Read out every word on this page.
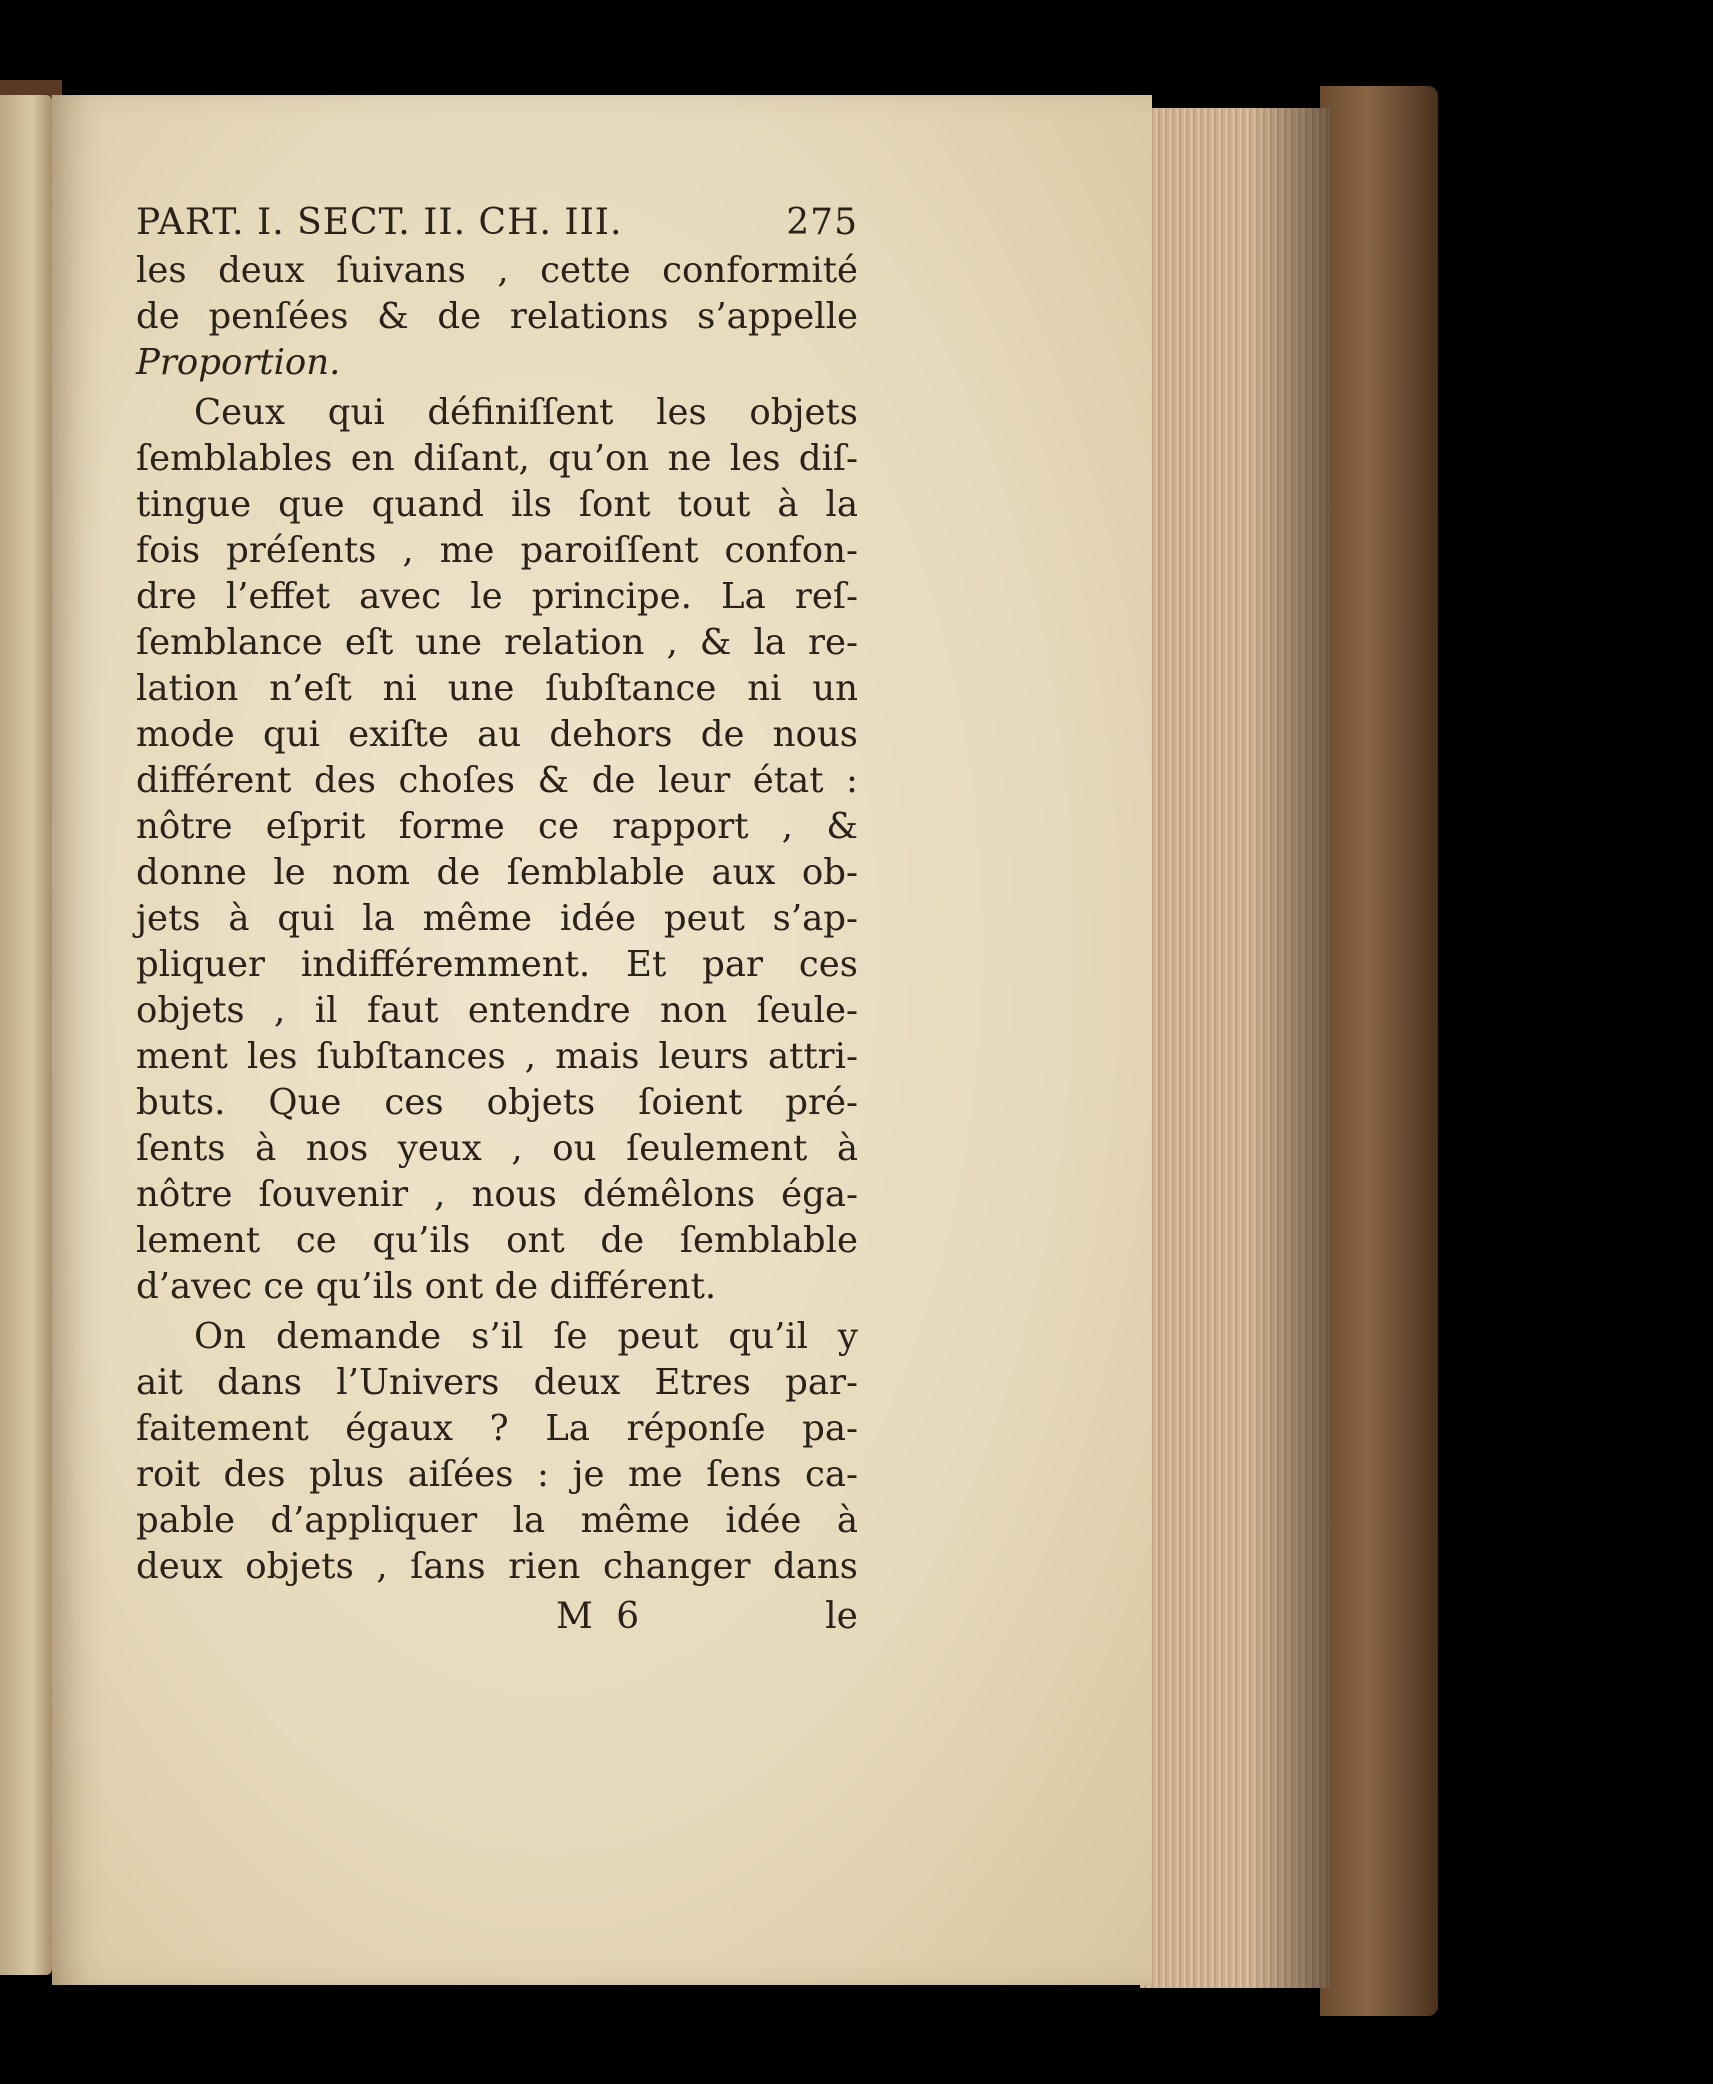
PART. I. SECT. II. CH. III.	275
les deux ſuivans , cette conformité
de penſées & de relations s’appelle
Proportion.
Ceux qui définiſſent les objets
ſemblables en diſant, qu’on ne les diſ-
tingue que quand ils ſont tout à la
fois préſents , me paroiſſent confon-
dre l’effet avec le principe. La reſ-
ſemblance eſt une relation , & la re-
lation n’eſt ni une ſubſtance ni un
mode qui exiſte au dehors de nous
différent des choſes & de leur état :
nôtre eſprit forme ce rapport , &
donne le nom de ſemblable aux ob-
jets à qui la même idée peut s’ap-
pliquer indifféremment. Et par ces
objets , il faut entendre non ſeule-
ment les ſubſtances , mais leurs attri-
buts. Que ces objets ſoient pré-
ſents à nos yeux , ou ſeulement à
nôtre ſouvenir , nous démêlons éga-
lement ce qu’ils ont de ſemblable
d’avec ce qu’ils ont de différent.
On demande s’il ſe peut qu’il y
ait dans l’Univers deux Etres par-
faitement égaux ? La réponſe pa-
roit des plus aiſées : je me ſens ca-
pable d’appliquer la même idée à
deux objets , ſans rien changer dans
M 6	le
